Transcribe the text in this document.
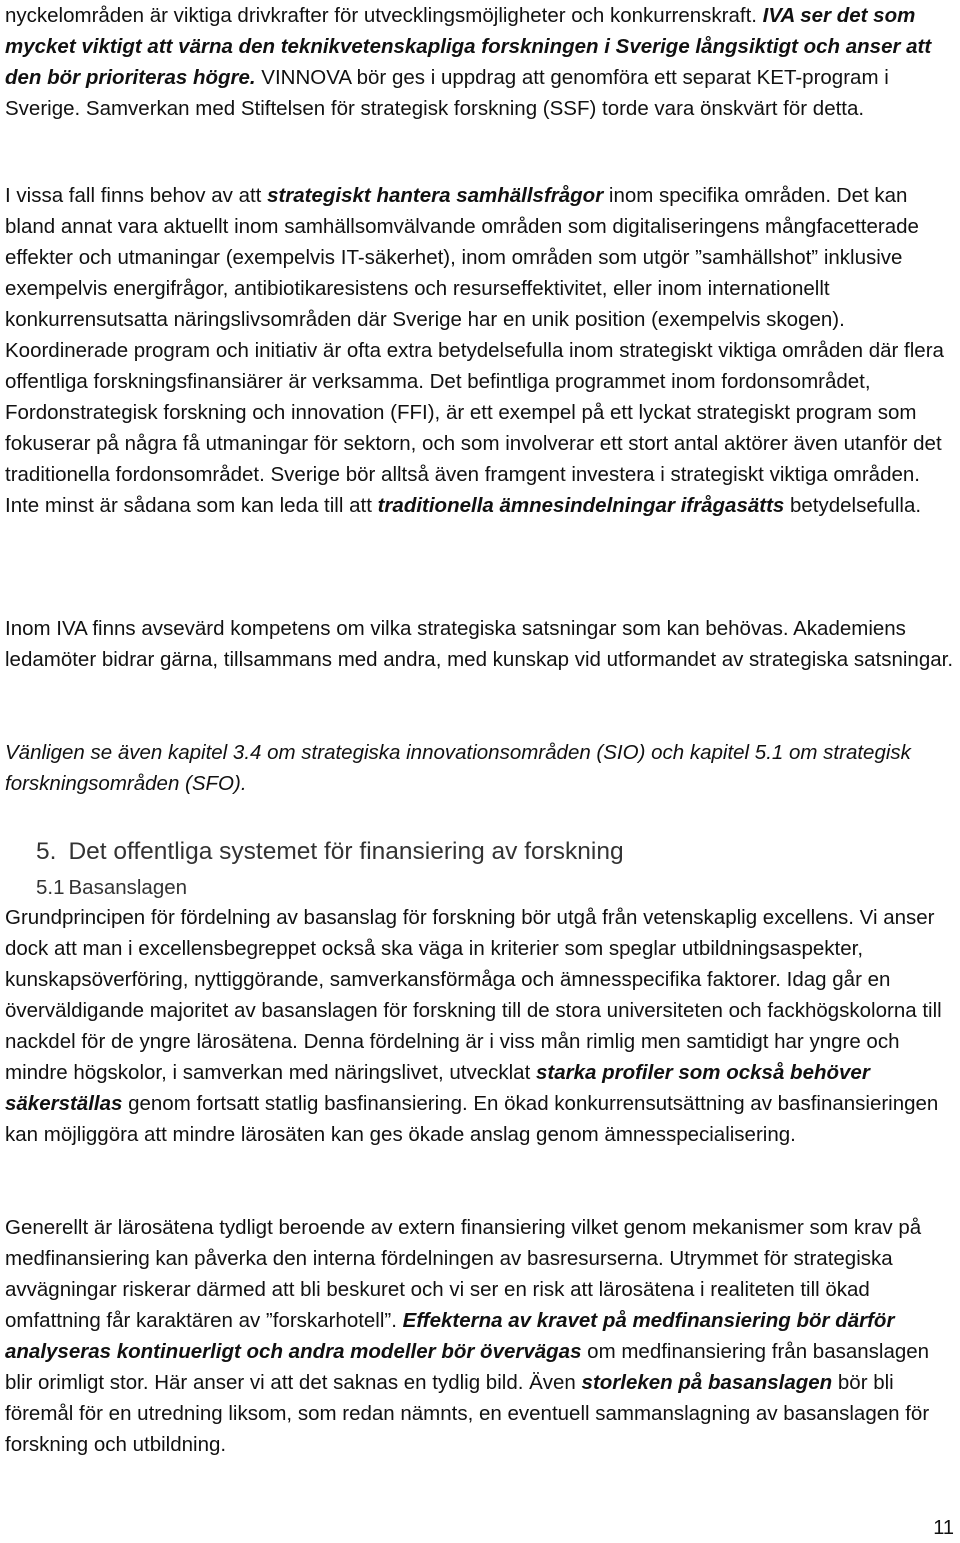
nyckelområden är viktiga drivkrafter för utvecklingsmöjligheter och konkurrenskraft. IVA ser det som mycket viktigt att värna den teknikvetenskapliga forskningen i Sverige långsiktigt och anser att den bör prioriteras högre. VINNOVA bör ges i uppdrag att genomföra ett separat KET-program i Sverige. Samverkan med Stiftelsen för strategisk forskning (SSF) torde vara önskvärt för detta.

I vissa fall finns behov av att strategiskt hantera samhällsfrågor inom specifika områden. Det kan bland annat vara aktuellt inom samhällsomvälvande områden som digitaliseringens mångfacetterade effekter och utmaningar (exempelvis IT-säkerhet), inom områden som utgör ”samhällshot” inklusive exempelvis energifrågor, antibiotikaresistens och resurseffektivitet, eller inom internationellt konkurrensutsatta näringslivsområden där Sverige har en unik position (exempelvis skogen). Koordinerade program och initiativ är ofta extra betydelsefulla inom strategiskt viktiga områden där flera offentliga forskningsfinansiärer är verksamma. Det befintliga programmet inom fordonsområdet, Fordonstrategisk forskning och innovation (FFI), är ett exempel på ett lyckat strategiskt program som fokuserar på några få utmaningar för sektorn, och som involverar ett stort antal aktörer även utanför det traditionella fordonsområdet. Sverige bör alltså även framgent investera i strategiskt viktiga områden. Inte minst är sådana som kan leda till att traditionella ämnesindelningar ifrågasätts betydelsefulla.

Inom IVA finns avsevärd kompetens om vilka strategiska satsningar som kan behövas. Akademiens ledamöter bidrar gärna, tillsammans med andra, med kunskap vid utformandet av strategiska satsningar.

Vänligen se även kapitel 3.4 om strategiska innovationsområden (SIO) och kapitel 5.1 om strategisk forskningsområden (SFO).

5. Det offentliga systemet för finansiering av forskning
5.1 Basanslagen

Grundprincipen för fördelning av basanslag för forskning bör utgå från vetenskaplig excellens. Vi anser dock att man i excellensbegreppet också ska väga in kriterier som speglar utbildningsaspekter, kunskapsöverföring, nyttiggörande, samverkansförmåga och ämnesspecifika faktorer. Idag går en överväldigande majoritet av basanslagen för forskning till de stora universiteten och fackhögskolorna till nackdel för de yngre lärosätena. Denna fördelning är i viss mån rimlig men samtidigt har yngre och mindre högskolor, i samverkan med näringslivet, utvecklat starka profiler som också behöver säkerställas genom fortsatt statlig basfinansiering. En ökad konkurrensutsättning av basfinansieringen kan möjliggöra att mindre lärosäten kan ges ökade anslag genom ämnesspecialisering.

Generellt är lärosätena tydligt beroende av extern finansiering vilket genom mekanismer som krav på medfinansiering kan påverka den interna fördelningen av basresurserna. Utrymmet för strategiska avvägningar riskerar därmed att bli beskuret och vi ser en risk att lärosätena i realiteten till ökad omfattning får karaktären av ”forskarhotell”. Effekterna av kravet på medfinansiering bör därför analyseras kontinuerligt och andra modeller bör övervägas om medfinansiering från basanslagen blir orimligt stor. Här anser vi att det saknas en tydlig bild. Även storleken på basanslagen bör bli föremål för en utredning liksom, som redan nämnts, en eventuell sammanslagning av basanslagen för forskning och utbildning.

11
